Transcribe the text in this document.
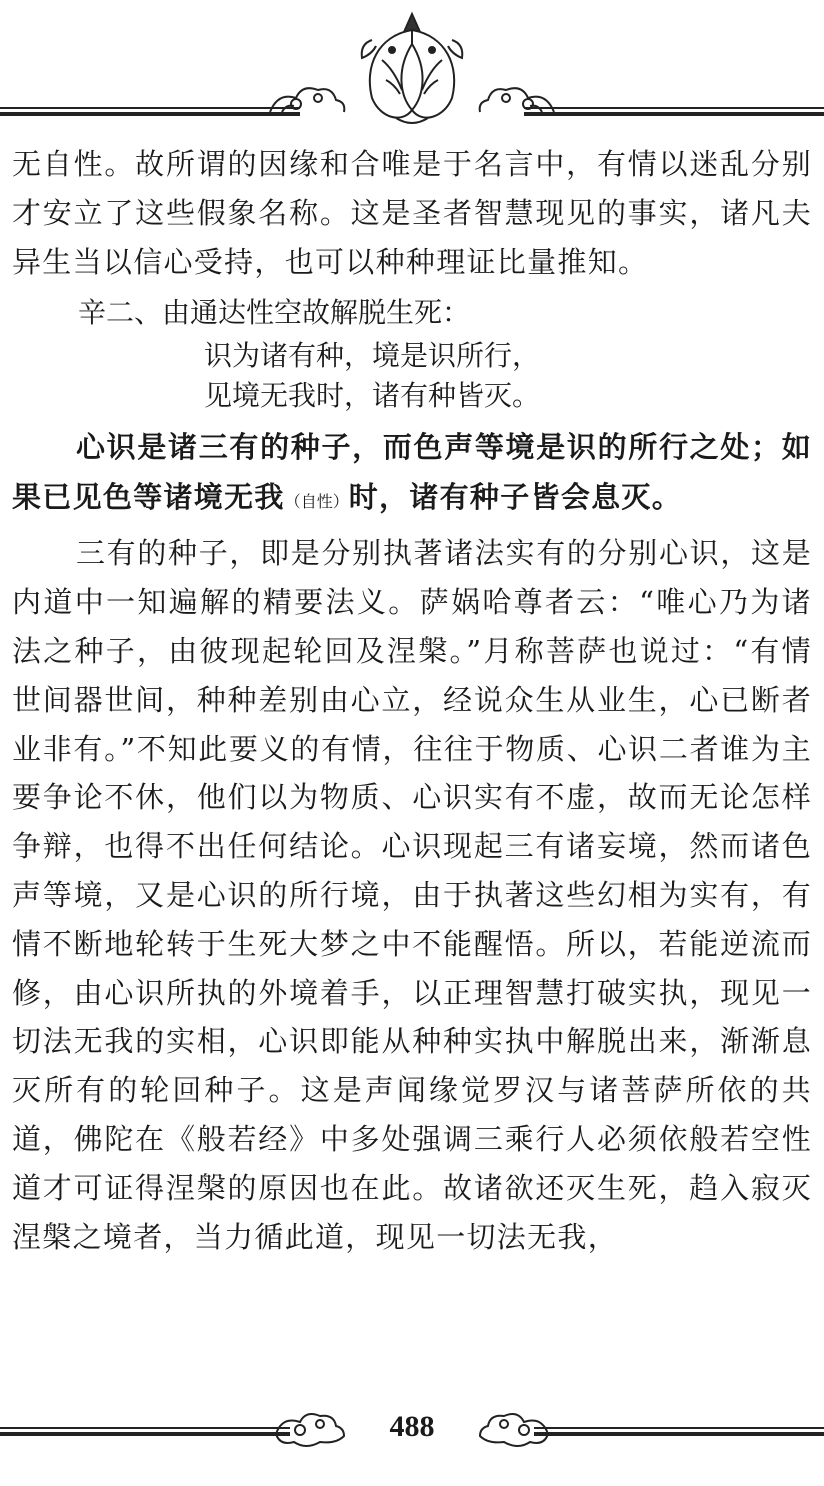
无自性。故所谓的因缘和合唯是于名言中，有情以迷乱分别才安立了这些假象名称。这是圣者智慧现见的事实，诸凡夫异生当以信心受持，也可以种种理证比量推知。

辛二、由通达性空故解脱生死：

识为诸有种，境是识所行，

见境无我时，诸有种皆灭。

心识是诸三有的种子，而色声等境是识的所行之处；如果已见色等诸境无我（自性）时，诸有种子皆会息灭。

三有的种子，即是分别执著诸法实有的分别心识，这是内道中一知遍解的精要法义。萨娲哈尊者云：“唯心乃为诸法之种子，由彼现起轮回及涅槃。”月称菩萨也说过：“有情世间器世间，种种差别由心立，经说众生从业生，心已断者业非有。”不知此要义的有情，往往于物质、心识二者谁为主要争论不休，他们以为物质、心识实有不虚，故而无论怎样争辩，也得不出任何结论。心识现起三有诸妄境，然而诸色声等境，又是心识的所行境，由于执著这些幻相为实有，有情不断地轮转于生死大梦之中不能醒悟。所以，若能逆流而修，由心识所执的外境着手，以正理智慧打破实执，现见一切法无我的实相，心识即能从种种实执中解脱出来，渐渐息灭所有的轮回种子。这是声闻缘觉罗汉与诸菩萨所依的共道，佛陀在《般若经》中多处强调三乘行人必须依般若空性道才可证得涅槃的原因也在此。故诸欲还灭生死，趋入寂灭涅槃之境者，当力循此道，现见一切法无我，

488
